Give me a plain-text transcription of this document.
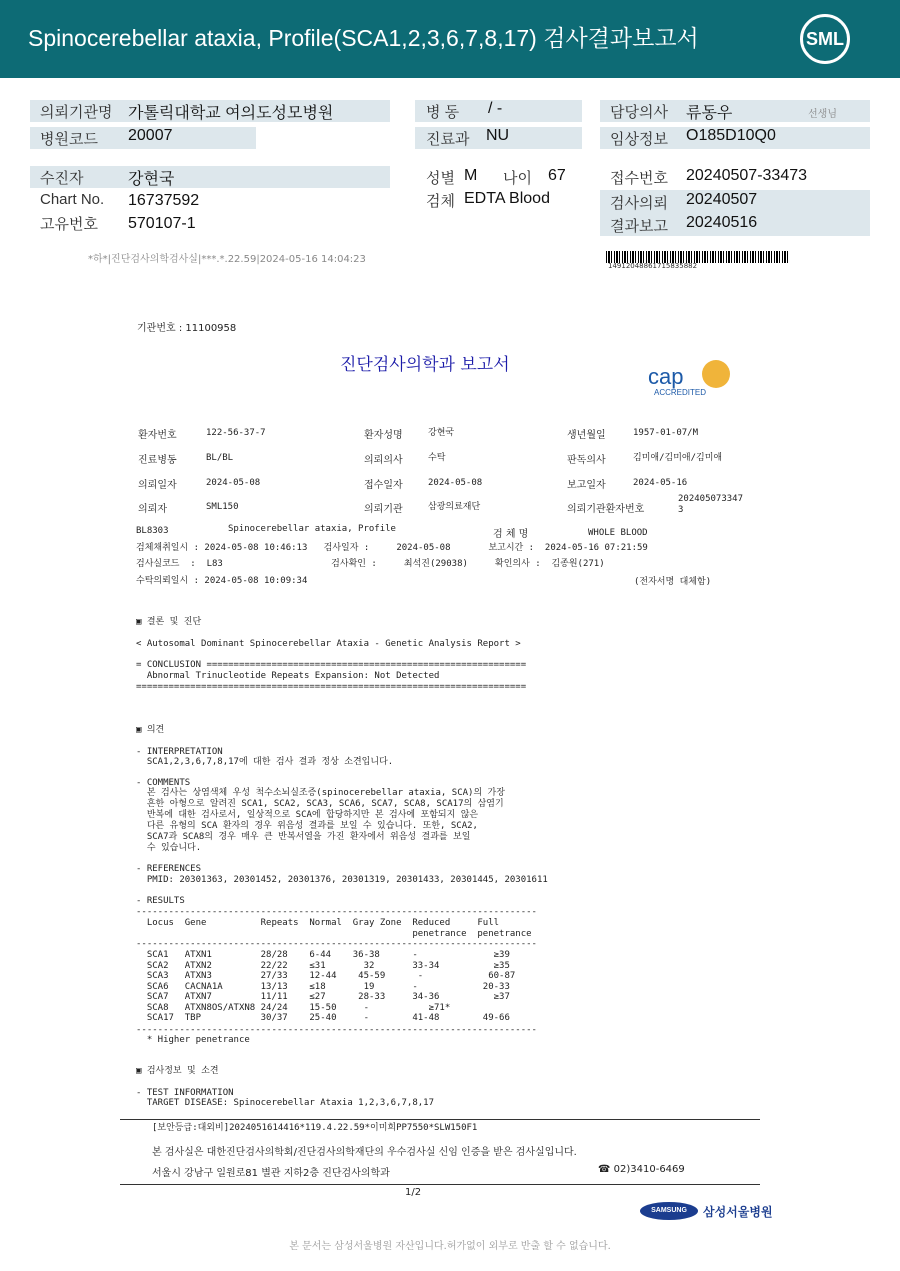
Spinocerebellar ataxia, Profile(SCA1,2,3,6,7,8,17) 검사결과보고서	SML
의뢰기관명 가톨릭대학교 여의도성모병원
병원코드 20007
수진자	강현국
Chart No. 16737592
고유번호 570107-1
병 동 / -
진료과 NU
성별 M 나이 67
검체 EDTA Blood
담당의사 류동우	선생님
임상정보 O185D10Q0
접수번호 20240507-33473
검사의뢰 20240507
결과보고 20240516
14912048861715835882
*하*|진단검사의학검사실|***.*.22.59|2024-05-16 14:04:23
기관번호 : 11100958
진단검사의학과 보고서	cap
ACCREDITED
환자번호	122-56-37-7	환자성명	강현국	생년월일	1957-01-07/M
진료병동	BL/BL	의뢰의사	수탁	판독의사	김미애/김미애/김미애
의뢰일자	2024-05-08	접수일자	2024-05-08	보고일자	2024-05-16
의뢰자	SML150	의뢰기관	삼광의료재단	의뢰기관환자번호
202405073347
3
BL8303	Spinocerebellar ataxia, Profile	검 체 명	WHOLE BLOOD
검체채취일시 : 2024-05-08 10:46:13   검사일자 :     2024-05-08       보고시간 :  2024-05-16 07:21:59
검사실코드  :  L83                    검사확인 :     최석진(29038)     확인의사 :  김종원(271)
수탁의뢰일시 : 2024-05-08 10:09:34	(전자서명 대체함)
▣ 결론 및 진단
< Autosomal Dominant Spinocerebellar Ataxia - Genetic Analysis Report >
= CONCLUSION ===========================================================
Abnormal Trinucleotide Repeats Expansion: Not Detected
========================================================================
▣ 의견
- INTERPRETATION
SCA1,2,3,6,7,8,17에 대한 검사 결과 정상 소견입니다.
- COMMENTS
본 검사는 상염색체 우성 척수소뇌실조증(spinocerebellar ataxia, SCA)의 가장
흔한 아형으로 알려진 SCA1, SCA2, SCA3, SCA6, SCA7, SCA8, SCA17의 삼염기
반복에 대한 검사로서, 일상적으로 SCA에 합당하지만 본 검사에 포함되지 않은
다른 유형의 SCA 환자의 경우 위음성 결과를 보일 수 있습니다. 또한, SCA2,
SCA7과 SCA8의 경우 매우 큰 반복서열을 가진 환자에서 위음성 결과를 보일
수 있습니다.
- REFERENCES
PMID: 20301363, 20301452, 20301376, 20301319, 20301433, 20301445, 20301611
- RESULTS
--------------------------------------------------------------------------
Locus  Gene          Repeats  Normal  Gray Zone  Reduced     Full
penetrance  penetrance
--------------------------------------------------------------------------
SCA1   ATXN1         28/28    6-44    36-38      -              ≥39
SCA2   ATXN2         22/22    ≤31       32       33-34          ≥35
SCA3   ATXN3         27/33    12-44    45-59      -            60-87
SCA6   CACNA1A       13/13    ≤18       19       -            20-33
SCA7   ATXN7         11/11    ≤27      28-33     34-36          ≥37
SCA8   ATXN8OS/ATXN8 24/24    15-50     -           ≥71*
SCA17  TBP           30/37    25-40     -        41-48        49-66
--------------------------------------------------------------------------
* Higher penetrance
▣ 검사정보 및 소견
- TEST INFORMATION
TARGET DISEASE: Spinocerebellar Ataxia 1,2,3,6,7,8,17
[보안등급:대외비]2024051614416*119.4.22.59*이미희PP7550*SLW150F1
본 검사실은 대한진단검사의학회/진단검사의학재단의 우수검사실 신임 인증을 받은 검사실입니다.
서울시 강남구 일원로81 별관 지하2층 진단검사의학과	☎ 02)3410-6469
1/2
SAMSUNG	삼성서울병원
본 문서는 삼성서울병원 자산입니다.허가없이 외부로 반출 할 수 없습니다.
